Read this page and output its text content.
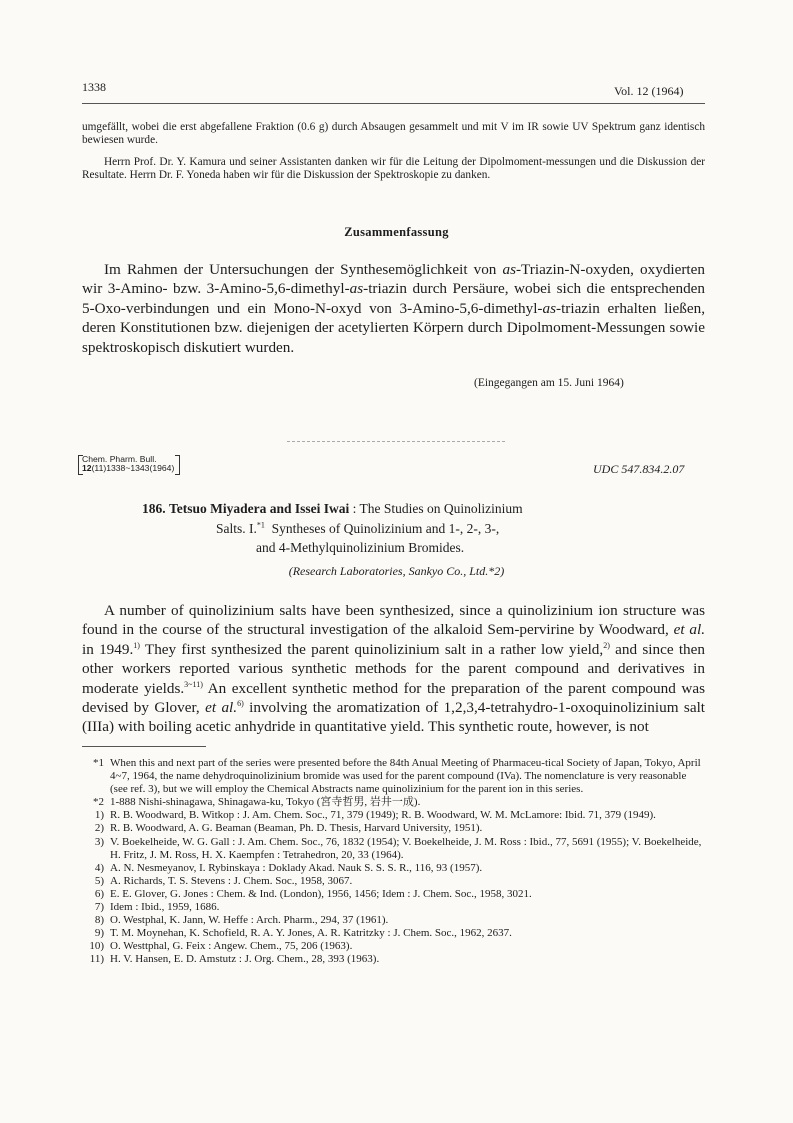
1338	Vol. 12 (1964)
umgefällt, wobei die erst abgefallene Fraktion (0.6 g) durch Absaugen gesammelt und mit V im IR sowie UV Spektrum ganz identisch bewiesen wurde.
Herrn Prof. Dr. Y. Kamura und seiner Assistanten danken wir für die Leitung der Dipolmoment-messungen und die Diskussion der Resultate. Herrn Dr. F. Yoneda haben wir für die Diskussion der Spektroskopie zu danken.
Zusammenfassung
Im Rahmen der Untersuchungen der Synthesemöglichkeit von as-Triazin-N-oxyden, oxydierten wir 3-Amino- bzw. 3-Amino-5,6-dimethyl-as-triazin durch Persäure, wobei sich die entsprechenden 5-Oxo-verbindungen und ein Mono-N-oxyd von 3-Amino-5,6-dimethyl-as-triazin erhalten ließen, deren Konstitutionen bzw. diejenigen der acetylierten Körpern durch Dipolmoment-Messungen sowie spektroskopisch diskutiert wurden.
(Eingegangen am 15. Juni 1964)
Chem. Pharm. Bull.
12(11)1338~1343(1964)	UDC 547.834.2.07
186. Tetsuo Miyadera and Issei Iwai : The Studies on Quinolizinium
Salts. I.$^{*1}$ Syntheses of Quinolizinium and 1-, 2-, 3-,
and 4-Methylquinolizinium Bromides.
(Research Laboratories, Sankyo Co., Ltd.*2)
A number of quinolizinium salts have been synthesized, since a quinolizinium ion structure was found in the course of the structural investigation of the alkaloid Sem-pervirine by Woodward, et al. in 1949.$^{1)}$ They first synthesized the parent quinolizinium salt in a rather low yield,$^{2)}$ and since then other workers reported various synthetic methods for the parent compound and derivatives in moderate yields.$^{3\sim 11)}$ An excellent synthetic method for the preparation of the parent compound was devised by Glover, et al.$^{6)}$ involving the aromatization of 1,2,3,4-tetrahydro-1-oxoquinolizinium salt (IIIa) with boiling acetic anhydride in quantitative yield. This synthetic route, however, is not
*1 When this and next part of the series were presented before the 84th Anual Meeting of Pharmaceu-tical Society of Japan, Tokyo, April 4~7, 1964, the name dehydroquinolizinium bromide was used for the parent compound (IVa). The nomenclature is very reasonable (see ref. 3), but we will employ the Chemical Abstracts name quinolizinium for the parent ion in this series.
*2 1-888 Nishi-shinagawa, Shinagawa-ku, Tokyo (宮寺哲男, 岩井一成).
1) R. B. Woodward, B. Witkop : J. Am. Chem. Soc., 71, 379 (1949); R. B. Woodward, W. M. McLamore: Ibid. 71, 379 (1949).
2) R. B. Woodward, A. G. Beaman (Beaman, Ph. D. Thesis, Harvard University, 1951).
3) V. Boekelheide, W. G. Gall : J. Am. Chem. Soc., 76, 1832 (1954); V. Boekelheide, J. M. Ross : Ibid., 77, 5691 (1955); V. Boekelheide, H. Fritz, J. M. Ross, H. X. Kaempfen : Tetrahedron, 20, 33 (1964).
4) A. N. Nesmeyanov, I. Rybinskaya : Doklady Akad. Nauk S. S. S. R., 116, 93 (1957).
5) A. Richards, T. S. Stevens : J. Chem. Soc., 1958, 3067.
6) E. E. Glover, G. Jones : Chem. & Ind. (London), 1956, 1456; Idem : J. Chem. Soc., 1958, 3021.
7) Idem : Ibid., 1959, 1686.
8) O. Westphal, K. Jann, W. Heffe : Arch. Pharm., 294, 37 (1961).
9) T. M. Moynehan, K. Schofield, R. A. Y. Jones, A. R. Katritzky : J. Chem. Soc., 1962, 2637.
10) O. Westtphal, G. Feix : Angew. Chem., 75, 206 (1963).
11) H. V. Hansen, E. D. Amstutz : J. Org. Chem., 28, 393 (1963).
